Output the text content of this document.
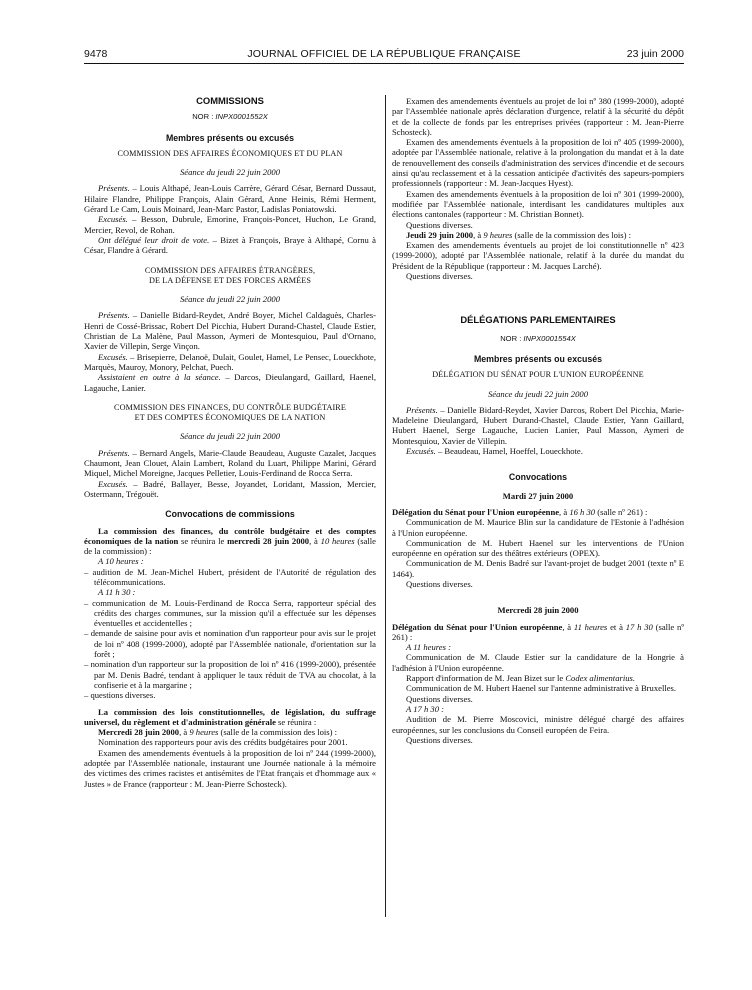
9478	JOURNAL OFFICIEL DE LA RÉPUBLIQUE FRANÇAISE	23 juin 2000

COMMISSIONS

NOR : INPX0001552X

Membres présents ou excusés

COMMISSION DES AFFAIRES ÉCONOMIQUES ET DU PLAN

Séance du jeudi 22 juin 2000

Présents. – Louis Althapé, Jean-Louis Carrère, Gérard César, Bernard Dussaut, Hilaire Flandre, Philippe François, Alain Gérard, Anne Heinis, Rémi Herment, Gérard Le Cam, Louis Moinard, Jean-Marc Pastor, Ladislas Poniatowski.

Excusés. – Besson, Dubrule, Emorine, François-Poncet, Huchon, Le Grand, Mercier, Revol, de Rohan.

Ont délégué leur droit de vote. – Bizet à François, Braye à Althapé, Cornu à César, Flandre à Gérard.

COMMISSION DES AFFAIRES ÉTRANGÈRES,
DE LA DÉFENSE ET DES FORCES ARMÉES

Séance du jeudi 22 juin 2000

Présents. – Danielle Bidard-Reydet, André Boyer, Michel Caldaguès, Charles-Henri de Cossé-Brissac, Robert Del Picchia, Hubert Durand-Chastel, Claude Estier, Christian de La Malène, Paul Masson, Aymeri de Montesquiou, Paul d'Ornano, Xavier de Villepin, Serge Vinçon.

Excusés. – Brisepierre, Delanoë, Dulait, Goulet, Hamel, Le Pensec, Loueckhote, Marquès, Mauroy, Monory, Pelchat, Puech.

Assistaient en outre à la séance. – Darcos, Dieulangard, Gaillard, Haenel, Lagauche, Lanier.

COMMISSION DES FINANCES, DU CONTRÔLE BUDGÉTAIRE
ET DES COMPTES ÉCONOMIQUES DE LA NATION

Séance du jeudi 22 juin 2000

Présents. – Bernard Angels, Marie-Claude Beaudeau, Auguste Cazalet, Jacques Chaumont, Jean Clouet, Alain Lambert, Roland du Luart, Philippe Marini, Gérard Miquel, Michel Moreigne, Jacques Pelletier, Louis-Ferdinand de Rocca Serra.

Excusés. – Badré, Ballayer, Besse, Joyandet, Loridant, Massion, Mercier, Ostermann, Trégouët.

Convocations de commissions

La commission des finances, du contrôle budgétaire et des comptes économiques de la nation se réunira le mercredi 28 juin 2000, à 10 heures (salle de la commission) :

A 10 heures :

– audition de M. Jean-Michel Hubert, président de l'Autorité de régulation des télécommunications.

A 11 h 30 :

– communication de M. Louis-Ferdinand de Rocca Serra, rapporteur spécial des crédits des charges communes, sur la mission qu'il a effectuée sur les dépenses éventuelles et accidentelles ;

– demande de saisine pour avis et nomination d'un rapporteur pour avis sur le projet de loi nº 408 (1999-2000), adopté par l'Assemblée nationale, d'orientation sur la forêt ;

– nomination d'un rapporteur sur la proposition de loi nº 416 (1999-2000), présentée par M. Denis Badré, tendant à appliquer le taux réduit de TVA au chocolat, à la confiserie et à la margarine ;

– questions diverses.

La commission des lois constitutionnelles, de législation, du suffrage universel, du règlement et d'administration générale se réunira :

Mercredi 28 juin 2000, à 9 heures (salle de la commission des lois) :

Nomination des rapporteurs pour avis des crédits budgétaires pour 2001.

Examen des amendements éventuels à la proposition de loi nº 244 (1999-2000), adoptée par l'Assemblée nationale, instaurant une Journée nationale à la mémoire des victimes des crimes racistes et antisémites de l'Etat français et d'hommage aux « Justes » de France (rapporteur : M. Jean-Pierre Schosteck).

Examen des amendements éventuels au projet de loi nº 380 (1999-2000), adopté par l'Assemblée nationale après déclaration d'urgence, relatif à la sécurité du dépôt et de la collecte de fonds par les entreprises privées (rapporteur : M. Jean-Pierre Schosteck).

Examen des amendements éventuels à la proposition de loi nº 405 (1999-2000), adoptée par l'Assemblée nationale, relative à la prolongation du mandat et à la date de renouvellement des conseils d'administration des services d'incendie et de secours ainsi qu'au reclassement et à la cessation anticipée d'activités des sapeurs-pompiers professionnels (rapporteur : M. Jean-Jacques Hyest).

Examen des amendements éventuels à la proposition de loi nº 301 (1999-2000), modifiée par l'Assemblée nationale, interdisant les candidatures multiples aux élections cantonales (rapporteur : M. Christian Bonnet).

Questions diverses.

Jeudi 29 juin 2000, à 9 heures (salle de la commission des lois) :

Examen des amendements éventuels au projet de loi constitutionnelle nº 423 (1999-2000), adopté par l'Assemblée nationale, relatif à la durée du mandat du Président de la République (rapporteur : M. Jacques Larché).

Questions diverses.

DÉLÉGATIONS PARLEMENTAIRES

NOR : INPX0001554X

Membres présents ou excusés

DÉLÉGATION DU SÉNAT POUR L'UNION EUROPÉENNE

Séance du jeudi 22 juin 2000

Présents. – Danielle Bidard-Reydet, Xavier Darcos, Robert Del Picchia, Marie-Madeleine Dieulangard, Hubert Durand-Chastel, Claude Estier, Yann Gaillard, Hubert Haenel, Serge Lagauche, Lucien Lanier, Paul Masson, Aymeri de Montesquiou, Xavier de Villepin.

Excusés. – Beaudeau, Hamel, Hoeffel, Loueckhote.

Convocations

Mardi 27 juin 2000

Délégation du Sénat pour l'Union européenne, à 16 h 30 (salle nº 261) :

Communication de M. Maurice Blin sur la candidature de l'Estonie à l'adhésion à l'Union européenne.

Communication de M. Hubert Haenel sur les interventions de l'Union européenne en opération sur des théâtres extérieurs (OPEX).

Communication de M. Denis Badré sur l'avant-projet de budget 2001 (texte nº E 1464).

Questions diverses.

Mercredi 28 juin 2000

Délégation du Sénat pour l'Union européenne, à 11 heures et à 17 h 30 (salle nº 261) :

A 11 heures :

Communication de M. Claude Estier sur la candidature de la Hongrie à l'adhésion à l'Union européenne.

Rapport d'information de M. Jean Bizet sur le Codex alimentarius.

Communication de M. Hubert Haenel sur l'antenne administrative à Bruxelles.

Questions diverses.

A 17 h 30 :

Audition de M. Pierre Moscovici, ministre délégué chargé des affaires européennes, sur les conclusions du Conseil européen de Feira.

Questions diverses.
